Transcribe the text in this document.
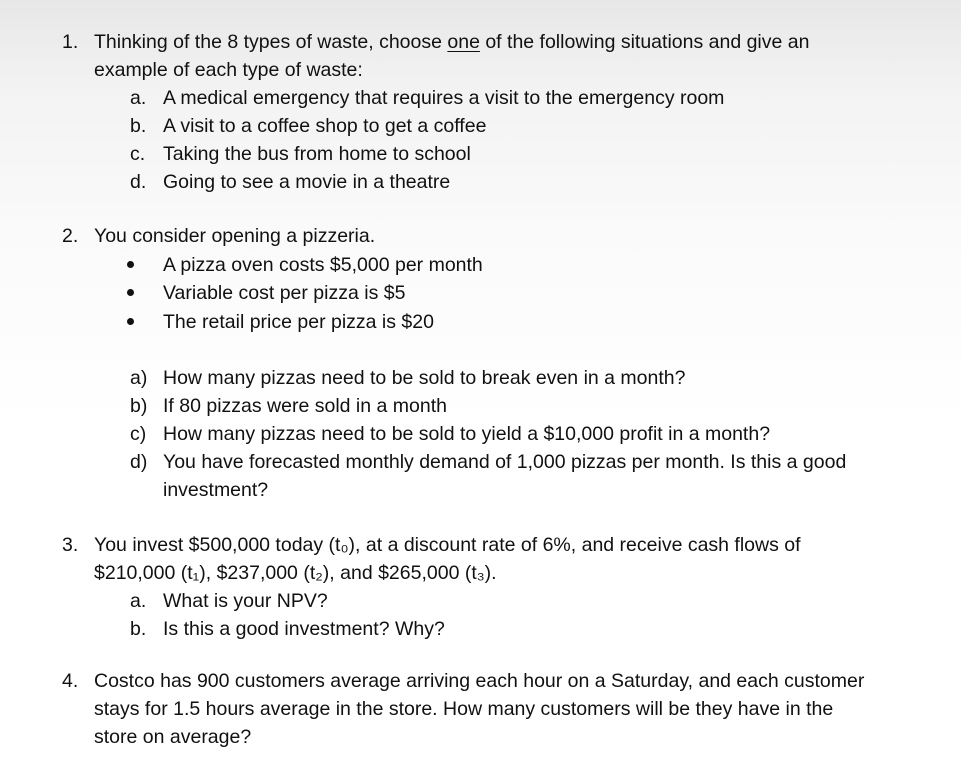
1. Thinking of the 8 types of waste, choose one of the following situations and give an
example of each type of waste:
a. A medical emergency that requires a visit to the emergency room
b. A visit to a coffee shop to get a coffee
c. Taking the bus from home to school
d. Going to see a movie in a theatre
2. You consider opening a pizzeria.
A pizza oven costs $5,000 per month
Variable cost per pizza is $5
The retail price per pizza is $20
a) How many pizzas need to be sold to break even in a month?
b) If 80 pizzas were sold in a month
c) How many pizzas need to be sold to yield a $10,000 profit in a month?
d) You have forecasted monthly demand of 1,000 pizzas per month. Is this a good
investment?
3. You invest $500,000 today (t₀), at a discount rate of 6%, and receive cash flows of
$210,000 (t₁), $237,000 (t₂), and $265,000 (t₃).
a. What is your NPV?
b. Is this a good investment? Why?
4. Costco has 900 customers average arriving each hour on a Saturday, and each customer
stays for 1.5 hours average in the store. How many customers will be they have in the
store on average?
